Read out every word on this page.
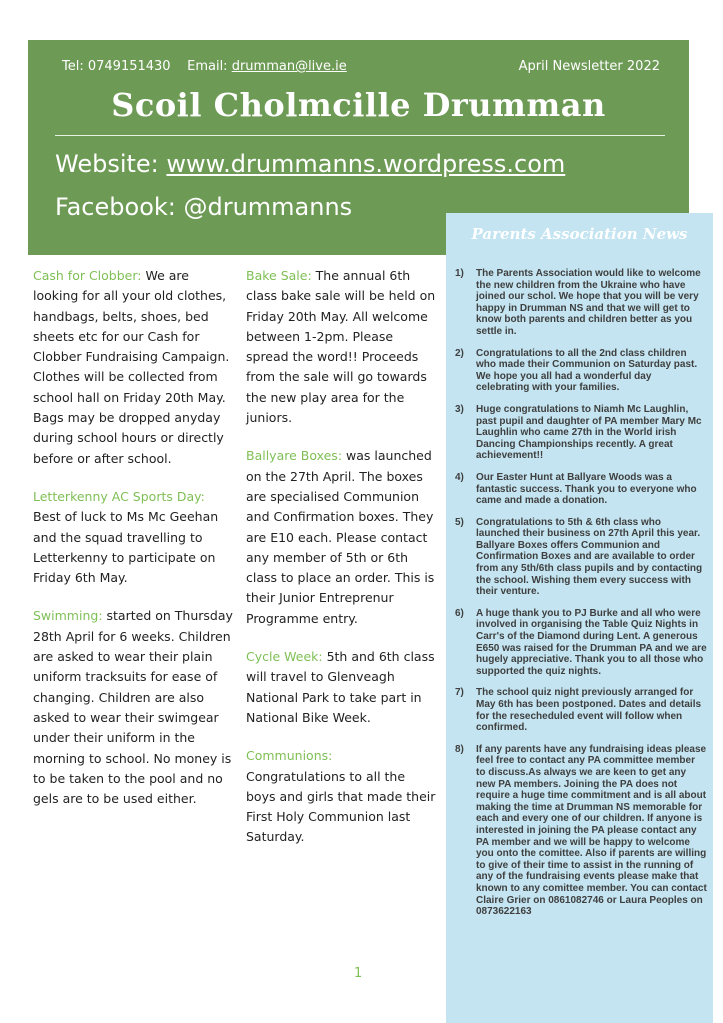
Tel: 0749151430 Email: drumman@live.ie	April Newsletter 2022
Scoil Cholmcille Drumman
Website: www.drummanns.wordpress.com
Facebook: @drummanns
Cash for Clobber: We are looking for all your old clothes, handbags, belts, shoes, bed sheets etc for our Cash for Clobber Fundraising Campaign. Clothes will be collected from school hall on Friday 20th May. Bags may be dropped anyday during school hours or directly before or after school.
Letterkenny AC Sports Day: Best of luck to Ms Mc Geehan and the squad travelling to Letterkenny to participate on Friday 6th May.
Swimming: started on Thursday 28th April for 6 weeks. Children are asked to wear their plain uniform tracksuits for ease of changing. Children are also asked to wear their swimgear under their uniform in the morning to school. No money is to be taken to the pool and no gels are to be used either.
Bake Sale: The annual 6th class bake sale will be held on Friday 20th May. All welcome between 1-2pm. Please spread the word!! Proceeds from the sale will go towards the new play area for the juniors.
Ballyare Boxes: was launched on the 27th April. The boxes are specialised Communion and Confirmation boxes. They are E10 each. Please contact any member of 5th or 6th class to place an order. This is their Junior Entreprenur Programme entry.
Cycle Week: 5th and 6th class will travel to Glenveagh National Park to take part in National Bike Week.
Communions:
Congratulations to all the boys and girls that made their First Holy Communion last Saturday.
1
Parents Association News
1)	The Parents Association would like to welcome the new children from the Ukraine who have joined our schol. We hope that you will be very happy in Drumman NS and that we will get to know both parents and children better as you settle in.
2)	Congratulations to all the 2nd class children who made their Communion on Saturday past. We hope you all had a wonderful day celebrating with your families.
3)	Huge congratulations to Niamh Mc Laughlin, past pupil and daughter of PA member Mary Mc Laughlin who came 27th in the World irish Dancing Championships recently. A great achievement!!
4)	Our Easter Hunt at Ballyare Woods was a fantastic success. Thank you to everyone who came and made a donation.
5)	Congratulations to 5th & 6th class who launched their business on 27th April this year. Ballyare Boxes offers Communion and Confirmation Boxes and are available to order from any 5th/6th class pupils and by contacting the school. Wishing them every success with their venture.
6)	A huge thank you to PJ Burke and all who were involved in organising the Table Quiz Nights in Carr's of the Diamond during Lent. A generous E650 was raised for the Drumman PA and we are hugely appreciative. Thank you to all those who supported the quiz nights.
7)	The school quiz night previously arranged for May 6th has been postponed. Dates and details for the resecheduled event will follow when confirmed.
8)	If any parents have any fundraising ideas please feel free to contact any PA committee member to discuss.As always we are keen to get any new PA members. Joining the PA does not require a huge time commitment and is all about making the time at Drumman NS memorable for each and every one of our children. If anyone is interested in joining the PA please contact any PA member and we will be happy to welcome you onto the comittee. Also if parents are willing to give of their time to assist in the running of any of the fundraising events please make that known to any comittee member. You can contact Claire Grier on 0861082746 or Laura Peoples on 0873622163
